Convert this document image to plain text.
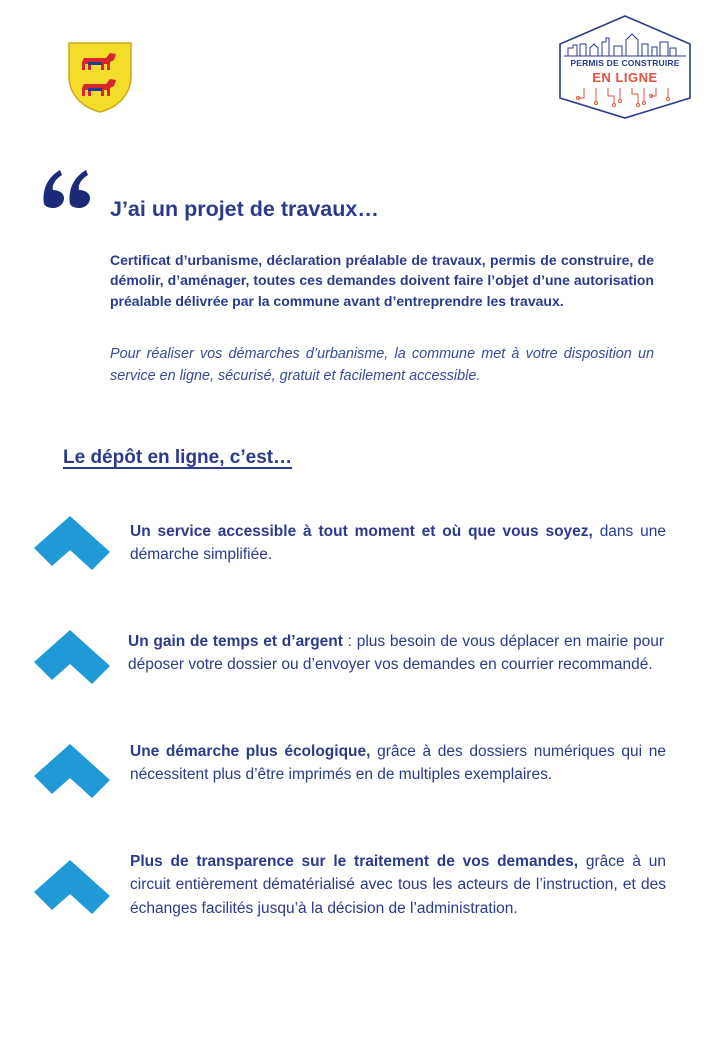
PERMIS DE CONSTRUIRE
EN LIGNE
J’ai un projet de travaux…
Certificat d’urbanisme, déclaration préalable de travaux, permis de construire, de démolir, d’aménager, toutes ces demandes doivent faire l’objet d’une autorisation préalable délivrée par la commune avant d’entreprendre les travaux.
Pour réaliser vos démarches d’urbanisme, la commune met à votre disposition un service en ligne, sécurisé, gratuit et facilement accessible.
Le dépôt en ligne, c’est…
Un service accessible à tout moment et où que vous soyez, dans une démarche simplifiée.
Un gain de temps et d’argent : plus besoin de vous déplacer en mairie pour déposer votre dossier ou d’envoyer vos demandes en courrier recommandé.
Une démarche plus écologique, grâce à des dossiers numériques qui ne nécessitent plus d’être imprimés en de multiples exemplaires.
Plus de transparence sur le traitement de vos demandes, grâce à un circuit entièrement dématérialisé avec tous les acteurs de l’instruction, et des échanges facilités jusqu’à la décision de l’administration.
